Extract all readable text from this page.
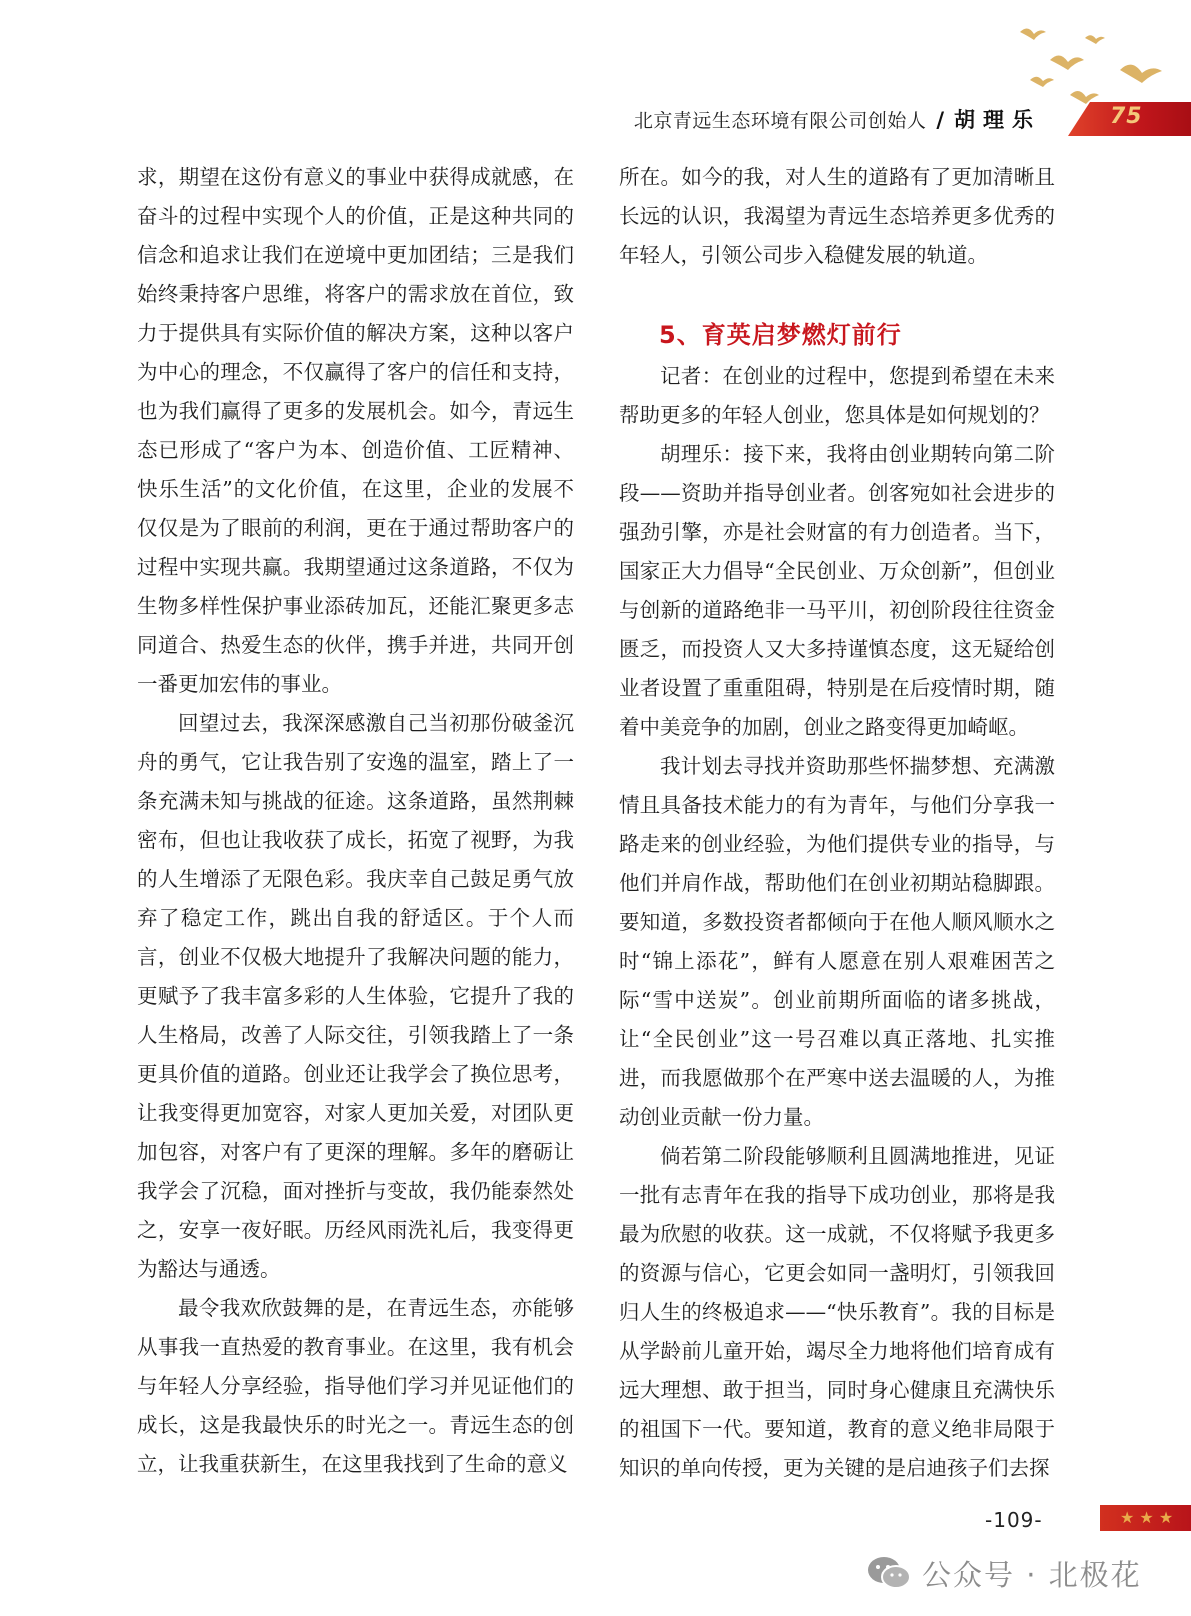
北京青远生态环境有限公司创始人 / 胡理乐	75

求，期望在这份有意义的事业中获得成就感，在奋斗的过程中实现个人的价值，正是这种共同的信念和追求让我们在逆境中更加团结；三是我们始终秉持客户思维，将客户的需求放在首位，致力于提供具有实际价值的解决方案，这种以客户为中心的理念，不仅赢得了客户的信任和支持，也为我们赢得了更多的发展机会。如今，青远生态已形成了“客户为本、创造价值、工匠精神、快乐生活”的文化价值，在这里，企业的发展不仅仅是为了眼前的利润，更在于通过帮助客户的过程中实现共赢。我期望通过这条道路，不仅为生物多样性保护事业添砖加瓦，还能汇聚更多志同道合、热爱生态的伙伴，携手并进，共同开创一番更加宏伟的事业。

回望过去，我深深感激自己当初那份破釜沉舟的勇气，它让我告别了安逸的温室，踏上了一条充满未知与挑战的征途。这条道路，虽然荆棘密布，但也让我收获了成长，拓宽了视野，为我的人生增添了无限色彩。我庆幸自己鼓足勇气放弃了稳定工作，跳出自我的舒适区。于个人而言，创业不仅极大地提升了我解决问题的能力，更赋予了我丰富多彩的人生体验，它提升了我的人生格局，改善了人际交往，引领我踏上了一条更具价值的道路。创业还让我学会了换位思考，让我变得更加宽容，对家人更加关爱，对团队更加包容，对客户有了更深的理解。多年的磨砺让我学会了沉稳，面对挫折与变故，我仍能泰然处之，安享一夜好眠。历经风雨洗礼后，我变得更为豁达与通透。

最令我欢欣鼓舞的是，在青远生态，亦能够从事我一直热爱的教育事业。在这里，我有机会与年轻人分享经验，指导他们学习并见证他们的成长，这是我最快乐的时光之一。青远生态的创立，让我重获新生，在这里我找到了生命的意义

所在。如今的我，对人生的道路有了更加清晰且长远的认识，我渴望为青远生态培养更多优秀的年轻人，引领公司步入稳健发展的轨道。

5、育英启梦燃灯前行

记者：在创业的过程中，您提到希望在未来帮助更多的年轻人创业，您具体是如何规划的？

胡理乐：接下来，我将由创业期转向第二阶段——资助并指导创业者。创客宛如社会进步的强劲引擎，亦是社会财富的有力创造者。当下，国家正大力倡导“全民创业、万众创新”，但创业与创新的道路绝非一马平川，初创阶段往往资金匮乏，而投资人又大多持谨慎态度，这无疑给创业者设置了重重阻碍，特别是在后疫情时期，随着中美竞争的加剧，创业之路变得更加崎岖。

我计划去寻找并资助那些怀揣梦想、充满激情且具备技术能力的有为青年，与他们分享我一路走来的创业经验，为他们提供专业的指导，与他们并肩作战，帮助他们在创业初期站稳脚跟。要知道，多数投资者都倾向于在他人顺风顺水之时“锦上添花”，鲜有人愿意在别人艰难困苦之际“雪中送炭”。创业前期所面临的诸多挑战，让“全民创业”这一号召难以真正落地、扎实推进，而我愿做那个在严寒中送去温暖的人，为推动创业贡献一份力量。

倘若第二阶段能够顺利且圆满地推进，见证一批有志青年在我的指导下成功创业，那将是我最为欣慰的收获。这一成就，不仅将赋予我更多的资源与信心，它更会如同一盏明灯，引领我回归人生的终极追求——“快乐教育”。我的目标是从学龄前儿童开始，竭尽全力地将他们培育成有远大理想、敢于担当，同时身心健康且充满快乐的祖国下一代。要知道，教育的意义绝非局限于知识的单向传授，更为关键的是启迪孩子们去探

-109-	★ ★ ★
公众号 · 北极花
